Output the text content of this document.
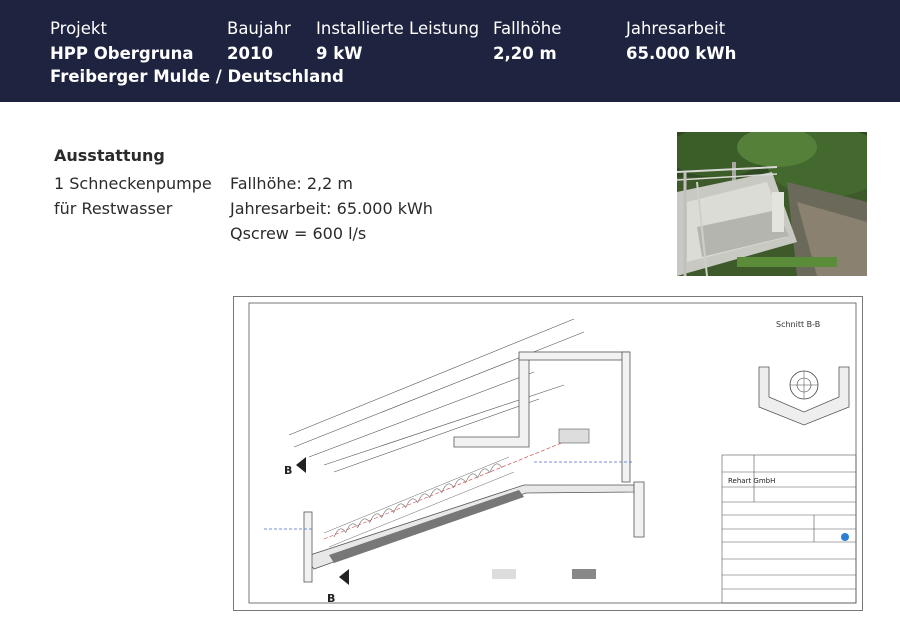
Projekt
HPP Obergruna
Baujahr
2010
Installierte Leistung
9 kW
Fallhöhe
2,20 m
Jahresarbeit
65.000 kWh
Freiberger Mulde / Deutschland
Ausstattung
1 Schneckenpumpe
für Restwasser
Fallhöhe: 2,2 m
Jahresarbeit: 65.000 kWh
Qscrew = 600 l/s
B
B
Schnitt B-B
Rehart GmbH
